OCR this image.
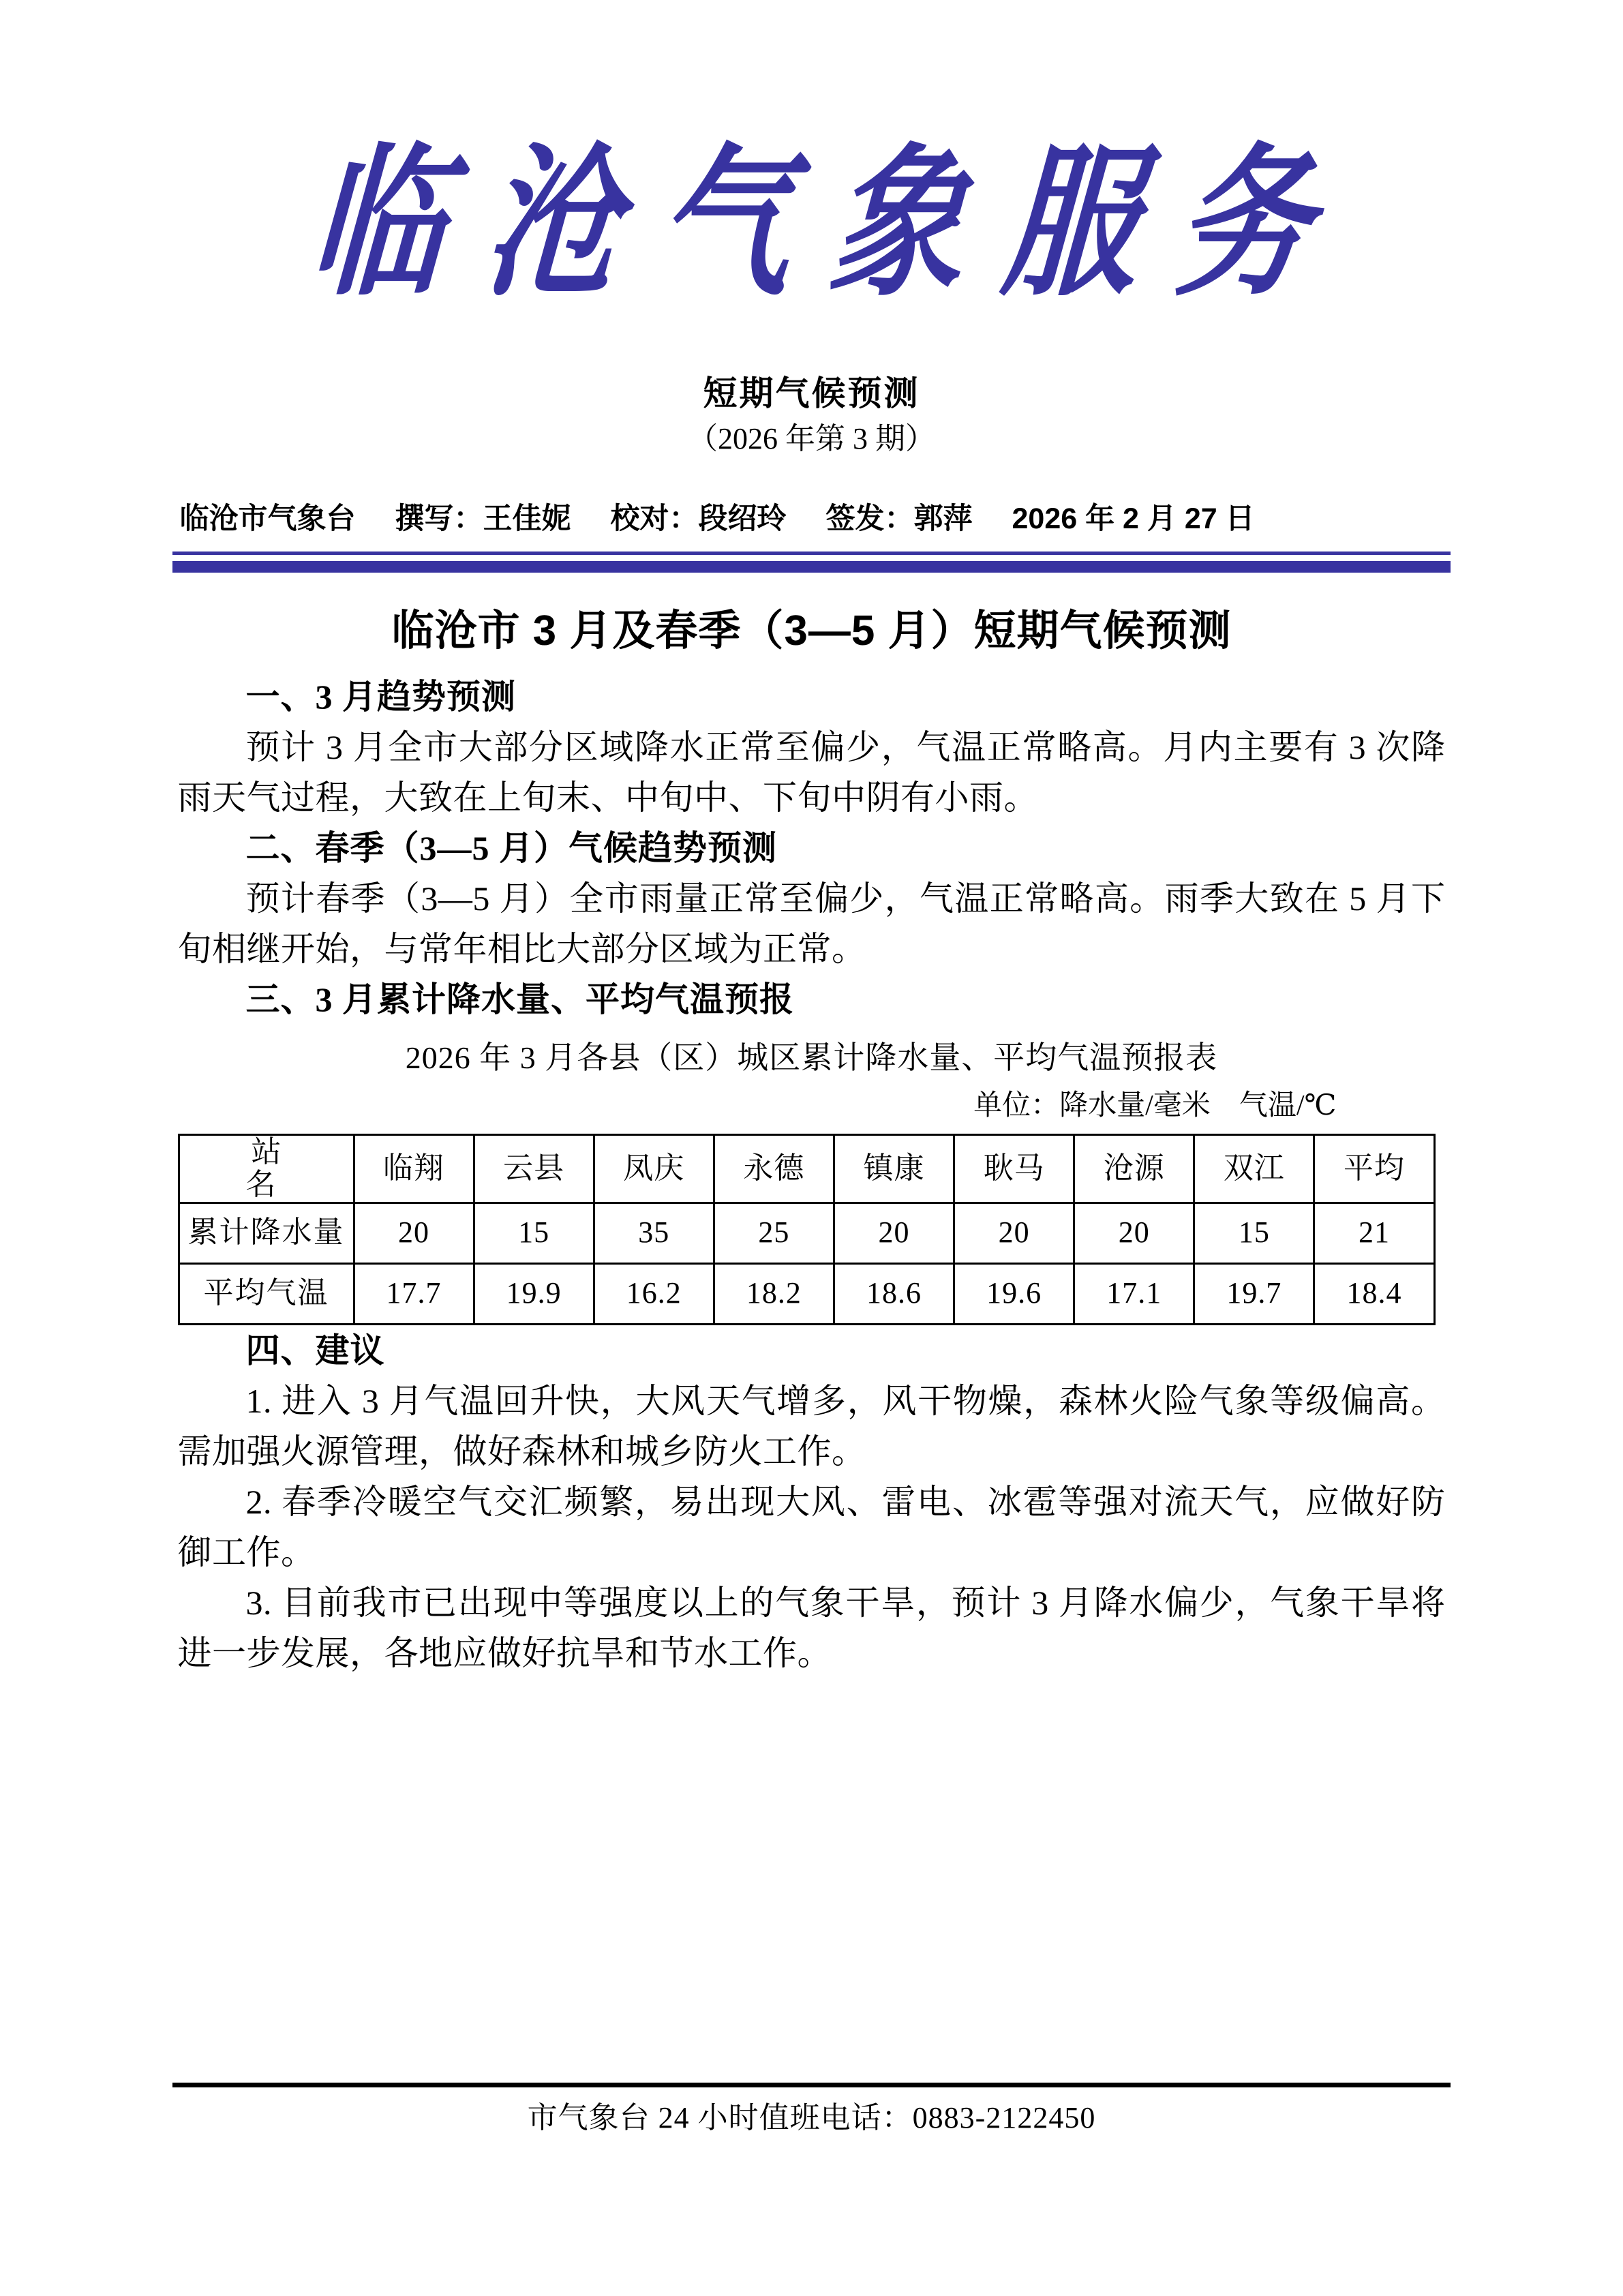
临沧气象服务
短期气候预测
（2026 年第 3 期）
临沧市气象台 撰写：王佳妮 校对：段绍玲 签发：郭萍 2026 年 2 月 27 日
临沧市 3 月及春季（3—5 月）短期气候预测
一、3 月趋势预测
预计 3 月全市大部分区域降水正常至偏少，气温正常略高。月内主要有 3 次降雨天气过程，大致在上旬末、中旬中、下旬中阴有小雨。
二、春季（3—5 月）气候趋势预测
预计春季（3—5 月）全市雨量正常至偏少，气温正常略高。雨季大致在 5 月下旬相继开始，与常年相比大部分区域为正常。
三、3 月累计降水量、平均气温预报
2026 年 3 月各县（区）城区累计降水量、平均气温预报表
单位：降水量/毫米　气温/℃
站　　名	临翔	云县	凤庆	永德	镇康	耿马	沧源	双江	平均
累计降水量	20	15	35	25	20	20	20	15	21
平均气温	17.7	19.9	16.2	18.2	18.6	19.6	17.1	19.7	18.4
四、建议
1. 进入 3 月气温回升快，大风天气增多，风干物燥，森林火险气象等级偏高。需加强火源管理，做好森林和城乡防火工作。
2. 春季冷暖空气交汇频繁，易出现大风、雷电、冰雹等强对流天气，应做好防御工作。
3. 目前我市已出现中等强度以上的气象干旱，预计 3 月降水偏少，气象干旱将进一步发展，各地应做好抗旱和节水工作。
市气象台 24 小时值班电话：0883-2122450
